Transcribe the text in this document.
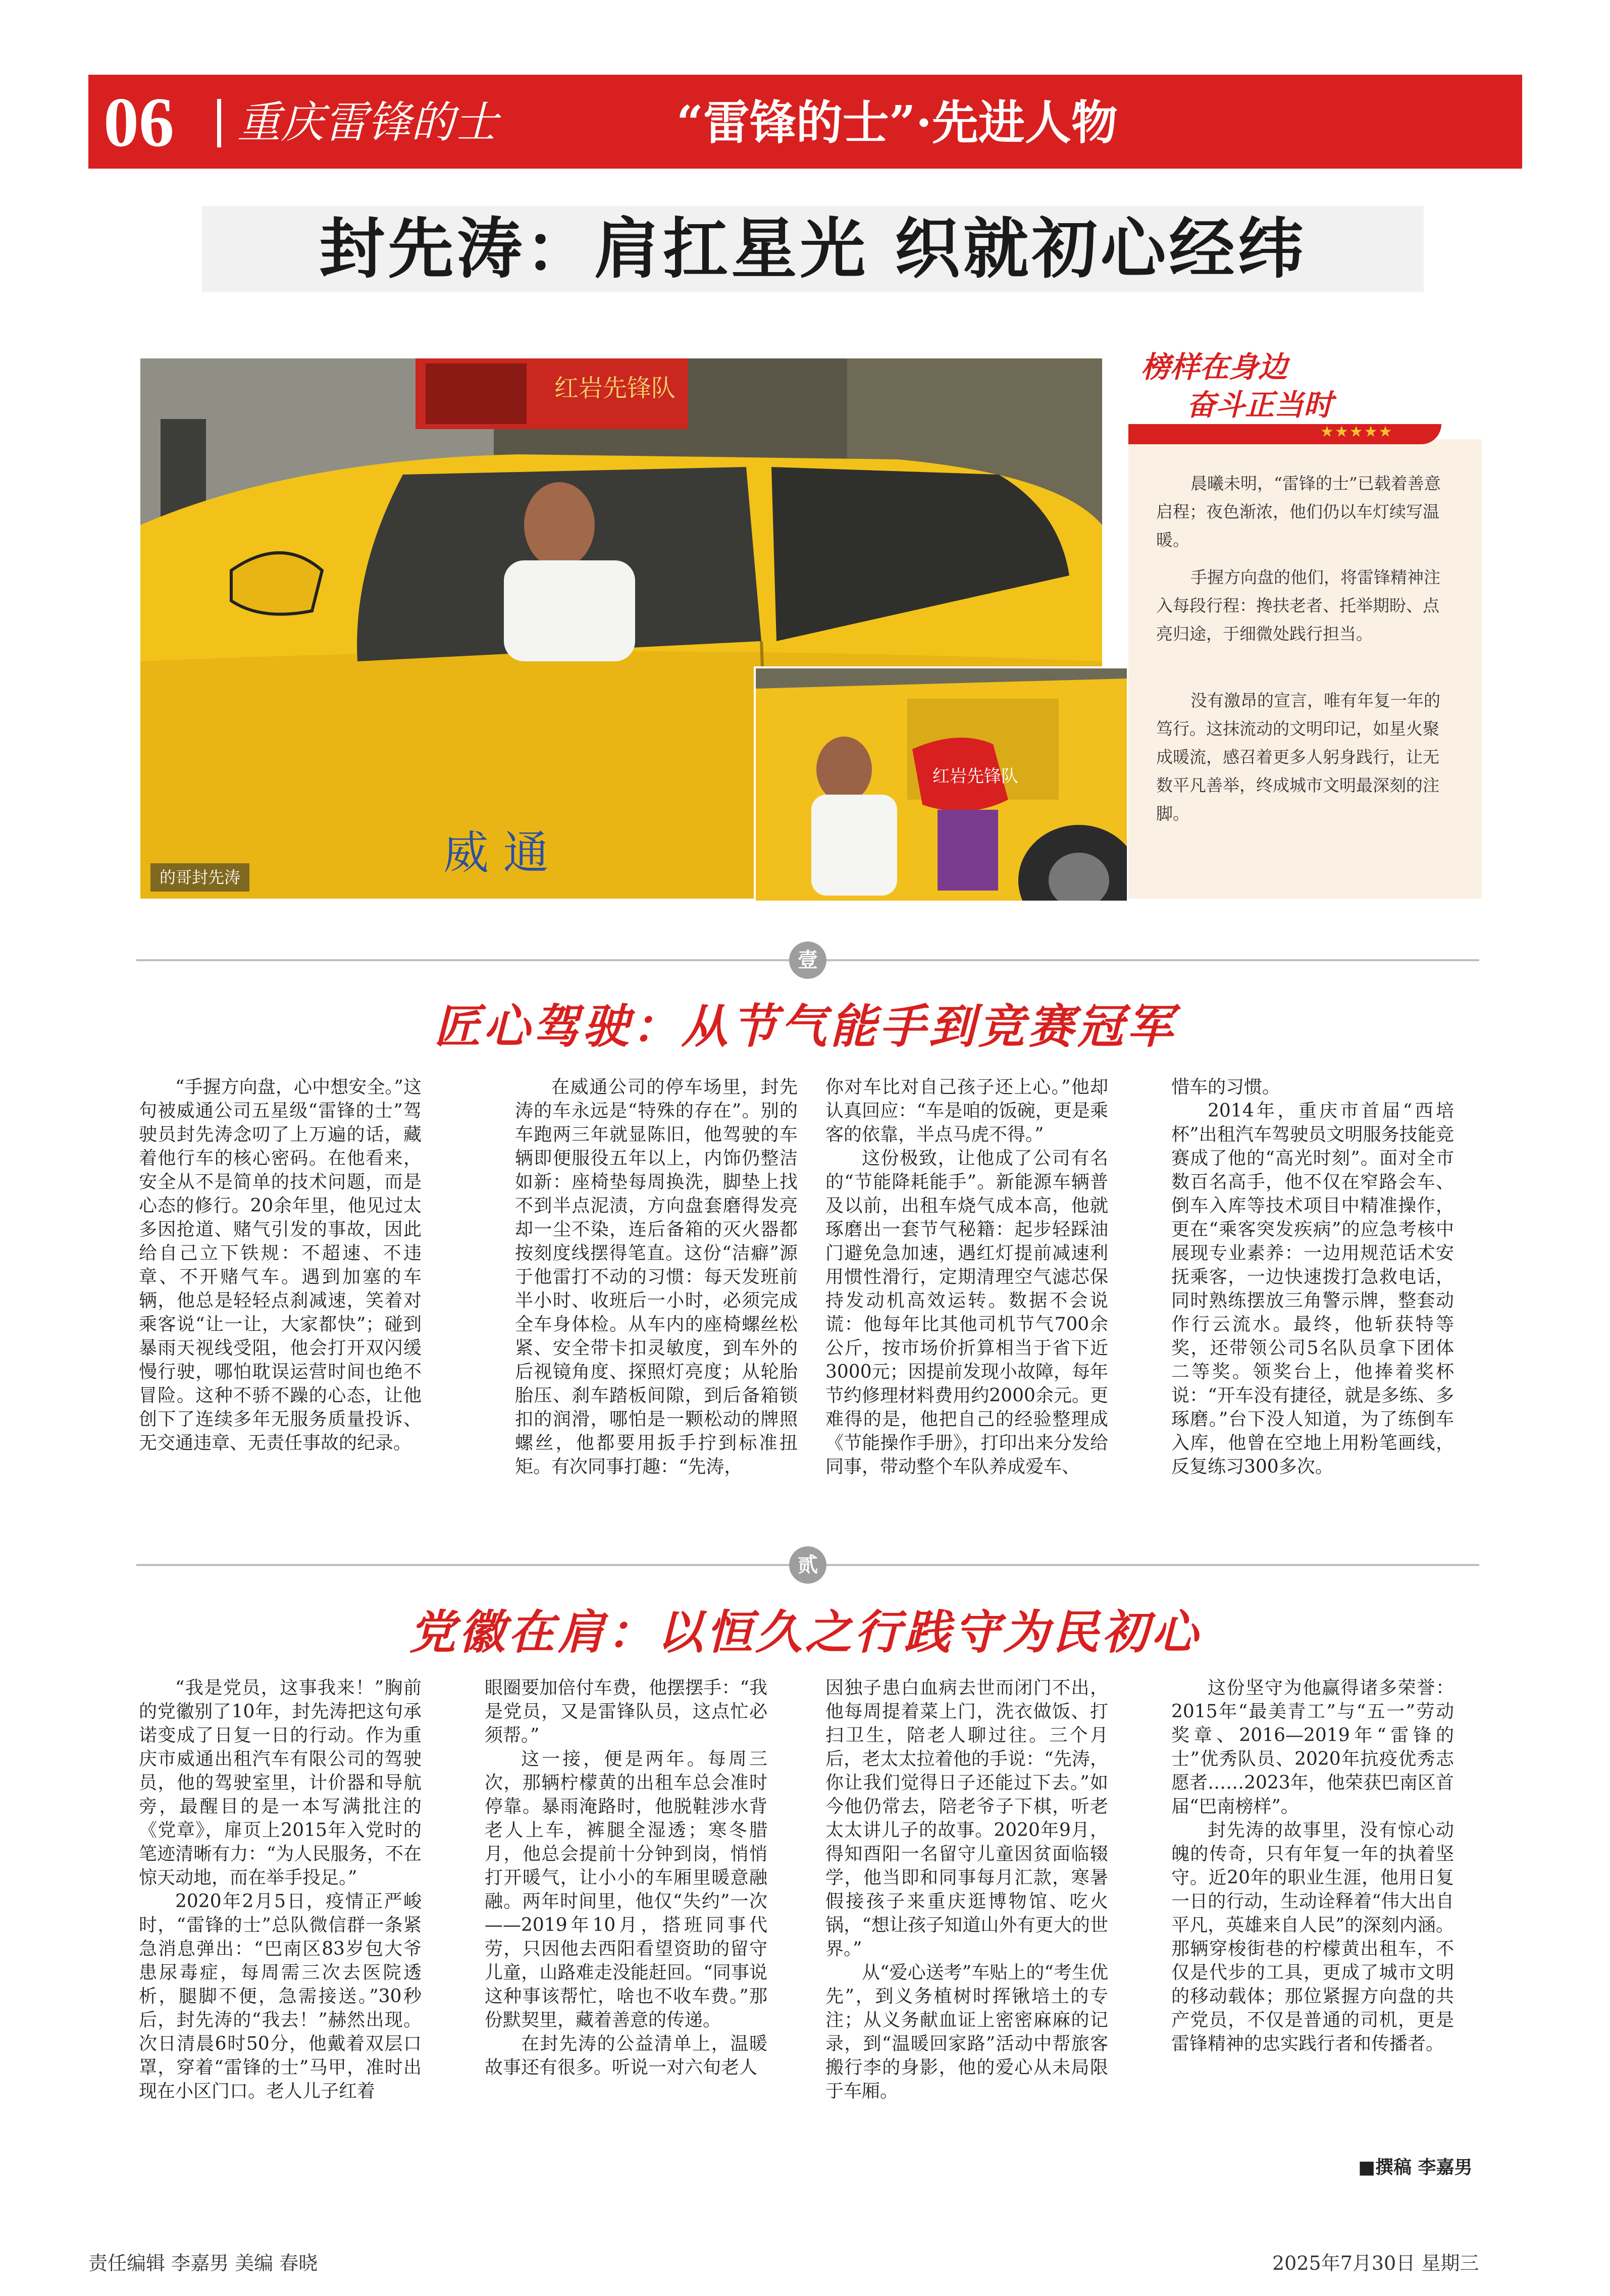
06 重庆雷锋的士	“雷锋的士”·先进人物
封先涛：肩扛星光 织就初心经纬
红岩先锋队
威 通
的哥封先涛
红岩先锋队
榜样在身边
奋斗正当时
★★★★★
晨曦未明，“雷锋的士”已载着善意启程；夜色渐浓，他们仍以车灯续写温暖。
手握方向盘的他们，将雷锋精神注入每段行程：搀扶老者、托举期盼、点亮归途，于细微处践行担当。
没有激昂的宣言，唯有年复一年的笃行。这抹流动的文明印记，如星火聚成暖流，感召着更多人躬身践行，让无数平凡善举，终成城市文明最深刻的注脚。
壹
匠心驾驶：从节气能手到竞赛冠军

“手握方向盘，心中想安全。”这句被威通公司五星级“雷锋的士”驾驶员封先涛念叨了上万遍的话，藏着他行车的核心密码。在他看来，安全从不是简单的技术问题，而是心态的修行。20余年里，他见过太多因抢道、赌气引发的事故，因此给自己立下铁规：不超速、不违章、不开赌气车。遇到加塞的车辆，他总是轻轻点刹减速，笑着对乘客说“让一让，大家都快”；碰到暴雨天视线受阻，他会打开双闪缓慢行驶，哪怕耽误运营时间也绝不冒险。这种不骄不躁的心态，让他创下了连续多年无服务质量投诉、无交通违章、无责任事故的纪录。

在威通公司的停车场里，封先涛的车永远是“特殊的存在”。别的车跑两三年就显陈旧，他驾驶的车辆即便服役五年以上，内饰仍整洁如新：座椅垫每周换洗，脚垫上找不到半点泥渍，方向盘套磨得发亮却一尘不染，连后备箱的灭火器都按刻度线摆得笔直。这份“洁癖”源于他雷打不动的习惯：每天发班前半小时、收班后一小时，必须完成全车身体检。从车内的座椅螺丝松紧、安全带卡扣灵敏度，到车外的后视镜角度、探照灯亮度；从轮胎胎压、刹车踏板间隙，到后备箱锁扣的润滑，哪怕是一颗松动的牌照螺丝，他都要用扳手拧到标准扭矩。有次同事打趣：“先涛，

你对车比对自己孩子还上心。”他却认真回应：“车是咱的饭碗，更是乘客的依靠，半点马虎不得。”

这份极致，让他成了公司有名的“节能降耗能手”。新能源车辆普及以前，出租车烧气成本高，他就琢磨出一套节气秘籍：起步轻踩油门避免急加速，遇红灯提前减速利用惯性滑行，定期清理空气滤芯保持发动机高效运转。数据不会说谎：他每年比其他司机节气700余公斤，按市场价折算相当于省下近3000元；因提前发现小故障，每年节约修理材料费用约2000余元。更难得的是，他把自己的经验整理成《节能操作手册》，打印出来分发给同事，带动整个车队养成爱车、

惜车的习惯。

2014年，重庆市首届“西培杯”出租汽车驾驶员文明服务技能竞赛成了他的“高光时刻”。面对全市数百名高手，他不仅在窄路会车、倒车入库等技术项目中精准操作，更在“乘客突发疾病”的应急考核中展现专业素养：一边用规范话术安抚乘客，一边快速拨打急救电话，同时熟练摆放三角警示牌，整套动作行云流水。最终，他斩获特等奖，还带领公司5名队员拿下团体二等奖。领奖台上，他捧着奖杯说：“开车没有捷径，就是多练、多琢磨。”台下没人知道，为了练倒车入库，他曾在空地上用粉笔画线，反复练习300多次。

贰
党徽在肩：以恒久之行践守为民初心

“我是党员，这事我来！”胸前的党徽别了10年，封先涛把这句承诺变成了日复一日的行动。作为重庆市威通出租汽车有限公司的驾驶员，他的驾驶室里，计价器和导航旁，最醒目的是一本写满批注的《党章》，扉页上2015年入党时的笔迹清晰有力：“为人民服务，不在惊天动地，而在举手投足。”

2020年2月5日，疫情正严峻时，“雷锋的士”总队微信群一条紧急消息弹出：“巴南区83岁包大爷患尿毒症，每周需三次去医院透析，腿脚不便，急需接送。”30秒后，封先涛的“我去！”赫然出现。次日清晨6时50分，他戴着双层口罩，穿着“雷锋的士”马甲，准时出现在小区门口。老人儿子红着

眼圈要加倍付车费，他摆摆手：“我是党员，又是雷锋队员，这点忙必须帮。”

这一接，便是两年。每周三次，那辆柠檬黄的出租车总会准时停靠。暴雨淹路时，他脱鞋涉水背老人上车，裤腿全湿透；寒冬腊月，他总会提前十分钟到岗，悄悄打开暖气，让小小的车厢里暖意融融。两年时间里，他仅“失约”一次——2019年10月，搭班同事代劳，只因他去西阳看望资助的留守儿童，山路难走没能赶回。“同事说这种事该帮忙，啥也不收车费。”那份默契里，藏着善意的传递。

在封先涛的公益清单上，温暖故事还有很多。听说一对六旬老人

因独子患白血病去世而闭门不出，他每周提着菜上门，洗衣做饭、打扫卫生，陪老人聊过往。三个月后，老太太拉着他的手说：“先涛，你让我们觉得日子还能过下去。”如今他仍常去，陪老爷子下棋，听老太太讲儿子的故事。2020年9月，得知酉阳一名留守儿童因贫面临辍学，他当即和同事每月汇款，寒暑假接孩子来重庆逛博物馆、吃火锅，“想让孩子知道山外有更大的世界。”

从“爱心送考”车贴上的“考生优先”，到义务植树时挥锹培土的专注；从义务献血证上密密麻麻的记录，到“温暖回家路”活动中帮旅客搬行李的身影，他的爱心从未局限于车厢。

这份坚守为他赢得诸多荣誉：2015年“最美青工”与“五一”劳动奖章、2016—2019年“雷锋的士”优秀队员、2020年抗疫优秀志愿者……2023年，他荣获巴南区首届“巴南榜样”。

封先涛的故事里，没有惊心动魄的传奇，只有年复一年的执着坚守。近20年的职业生涯，他用日复一日的行动，生动诠释着“伟大出自平凡，英雄来自人民”的深刻内涵。那辆穿梭街巷的柠檬黄出租车，不仅是代步的工具，更成了城市文明的移动载体；那位紧握方向盘的共产党员，不仅是普通的司机，更是雷锋精神的忠实践行者和传播者。

■撰稿 李嘉男
责任编辑 李嘉男 美编 春晓	2025年7月30日 星期三
